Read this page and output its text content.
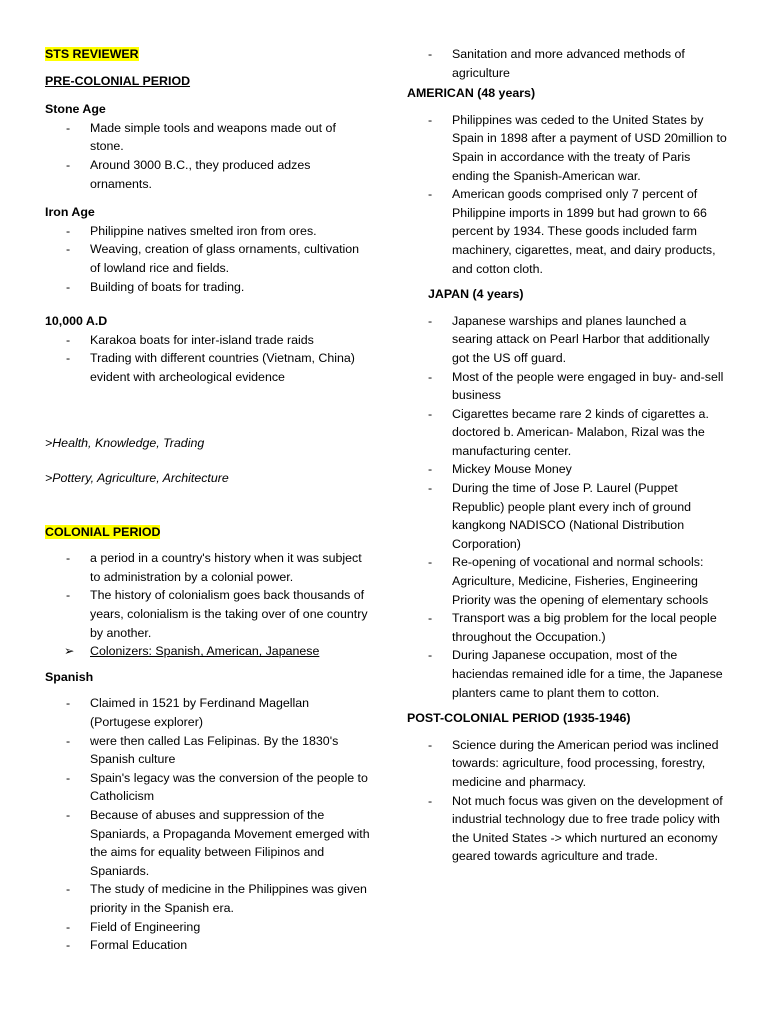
STS REVIEWER

PRE-COLONIAL PERIOD

Stone Age

- Made simple tools and weapons made out of stone.
- Around 3000 B.C., they produced adzes ornaments.

Iron Age

- Philippine natives smelted iron from ores.
- Weaving, creation of glass ornaments, cultivation of lowland rice and fields.
- Building of boats for trading.

10,000 A.D

- Karakoa boats for inter-island trade raids
- Trading with different countries (Vietnam, China) evident with archeological evidence

>Health, Knowledge, Trading

>Pottery, Agriculture, Architecture

COLONIAL PERIOD

- a period in a country's history when it was subject to administration by a colonial power.
- The history of colonialism goes back thousands of years, colonialism is the taking over of one country by another.
➢ Colonizers: Spanish, American, Japanese

Spanish

- Claimed in 1521 by Ferdinand Magellan (Portugese explorer)
- were then called Las Felipinas. By the 1830's Spanish culture
- Spain's legacy was the conversion of the people to Catholicism
- Because of abuses and suppression of the Spaniards, a Propaganda Movement emerged with the aims for equality between Filipinos and Spaniards.
- The study of medicine in the Philippines was given priority in the Spanish era.
- Field of Engineering
- Formal Education
- Sanitation and more advanced methods of agriculture

AMERICAN (48 years)

- Philippines was ceded to the United States by Spain in 1898 after a payment of USD 20million to Spain in accordance with the treaty of Paris ending the Spanish-American war.
- American goods comprised only 7 percent of Philippine imports in 1899 but had grown to 66 percent by 1934. These goods included farm machinery, cigarettes, meat, and dairy products, and cotton cloth.

JAPAN (4 years)

- Japanese warships and planes launched a searing attack on Pearl Harbor that additionally got the US off guard.
- Most of the people were engaged in buy- and-sell business
- Cigarettes became rare 2 kinds of cigarettes a. doctored b. American- Malabon, Rizal was the manufacturing center.
- Mickey Mouse Money
- During the time of Jose P. Laurel (Puppet Republic) people plant every inch of ground kangkong NADISCO (National Distribution Corporation)
- Re-opening of vocational and normal schools: Agriculture, Medicine, Fisheries, Engineering Priority was the opening of elementary schools
- Transport was a big problem for the local people throughout the Occupation.)
- During Japanese occupation, most of the haciendas remained idle for a time, the Japanese planters came to plant them to cotton.

POST-COLONIAL PERIOD (1935-1946)

- Science during the American period was inclined towards: agriculture, food processing, forestry, medicine and pharmacy.
- Not much focus was given on the development of industrial technology due to free trade policy with the United States -> which nurtured an economy geared towards agriculture and trade.
